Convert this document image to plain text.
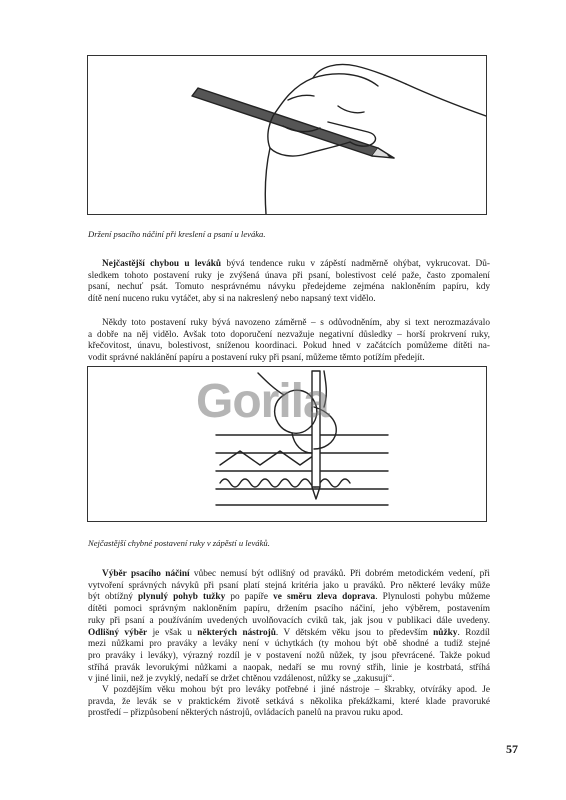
Držení psacího náčiní při kreslení a psaní u leváka.
Nejčastější chybou u leváků bývá tendence ruku v zápěstí nadměrně ohýbat, vykrucovat. Dů-
sledkem tohoto postavení ruky je zvýšená únava při psaní, bolestivost celé paže, často zpomalení
psaní, nechuť psát. Tomuto nesprávnému návyku předejdeme zejména nakloněním papíru, kdy
dítě není nuceno ruku vytáčet, aby si na nakreslený nebo napsaný text vidělo.
Někdy toto postavení ruky bývá navozeno záměrně – s odůvodněním, aby si text nerozmazávalo
a dobře na něj vidělo. Avšak toto doporučení nezvažuje negativní důsledky – horší prokrvení ruky,
křečovitost, únavu, bolestivost, sníženou koordinaci. Pokud hned v začátcích pomůžeme dítěti na-
vodit správné naklánění papíru a postavení ruky při psaní, můžeme těmto potížím předejít.
Gorila
Nejčastější chybné postavení ruky v zápěstí u leváků.
Výběr psacího náčiní vůbec nemusí být odlišný od praváků. Při dobrém metodickém vedení, při
vytvoření správných návyků při psaní platí stejná kritéria jako u praváků. Pro některé leváky může
být obtížný plynulý pohyb tužky po papíře ve směru zleva doprava. Plynulosti pohybu můžeme
dítěti pomoci správným nakloněním papíru, držením psacího náčiní, jeho výběrem, postavením
ruky při psaní a používáním uvedených uvolňovacích cviků tak, jak jsou v publikaci dále uvedeny.
Odlišný výběr je však u některých nástrojů. V dětském věku jsou to především nůžky. Rozdíl
mezi nůžkami pro praváky a leváky není v úchytkách (ty mohou být obě shodné a tudíž stejné
pro praváky i leváky), výrazný rozdíl je v postavení nožů nůžek, ty jsou převrácené. Takže pokud
stříhá pravák levorukými nůžkami a naopak, nedaří se mu rovný střih, linie je kostrbatá, stříhá
v jiné linii, než je zvyklý, nedaří se držet chtěnou vzdálenost, nůžky se „zakusují“.
V pozdějším věku mohou být pro leváky potřebné i jiné nástroje – škrabky, otvíráky apod. Je
pravda, že levák se v praktickém životě setkává s několika překážkami, které klade pravoruké
prostředí – přizpůsobení některých nástrojů, ovládacích panelů na pravou ruku apod.
57
